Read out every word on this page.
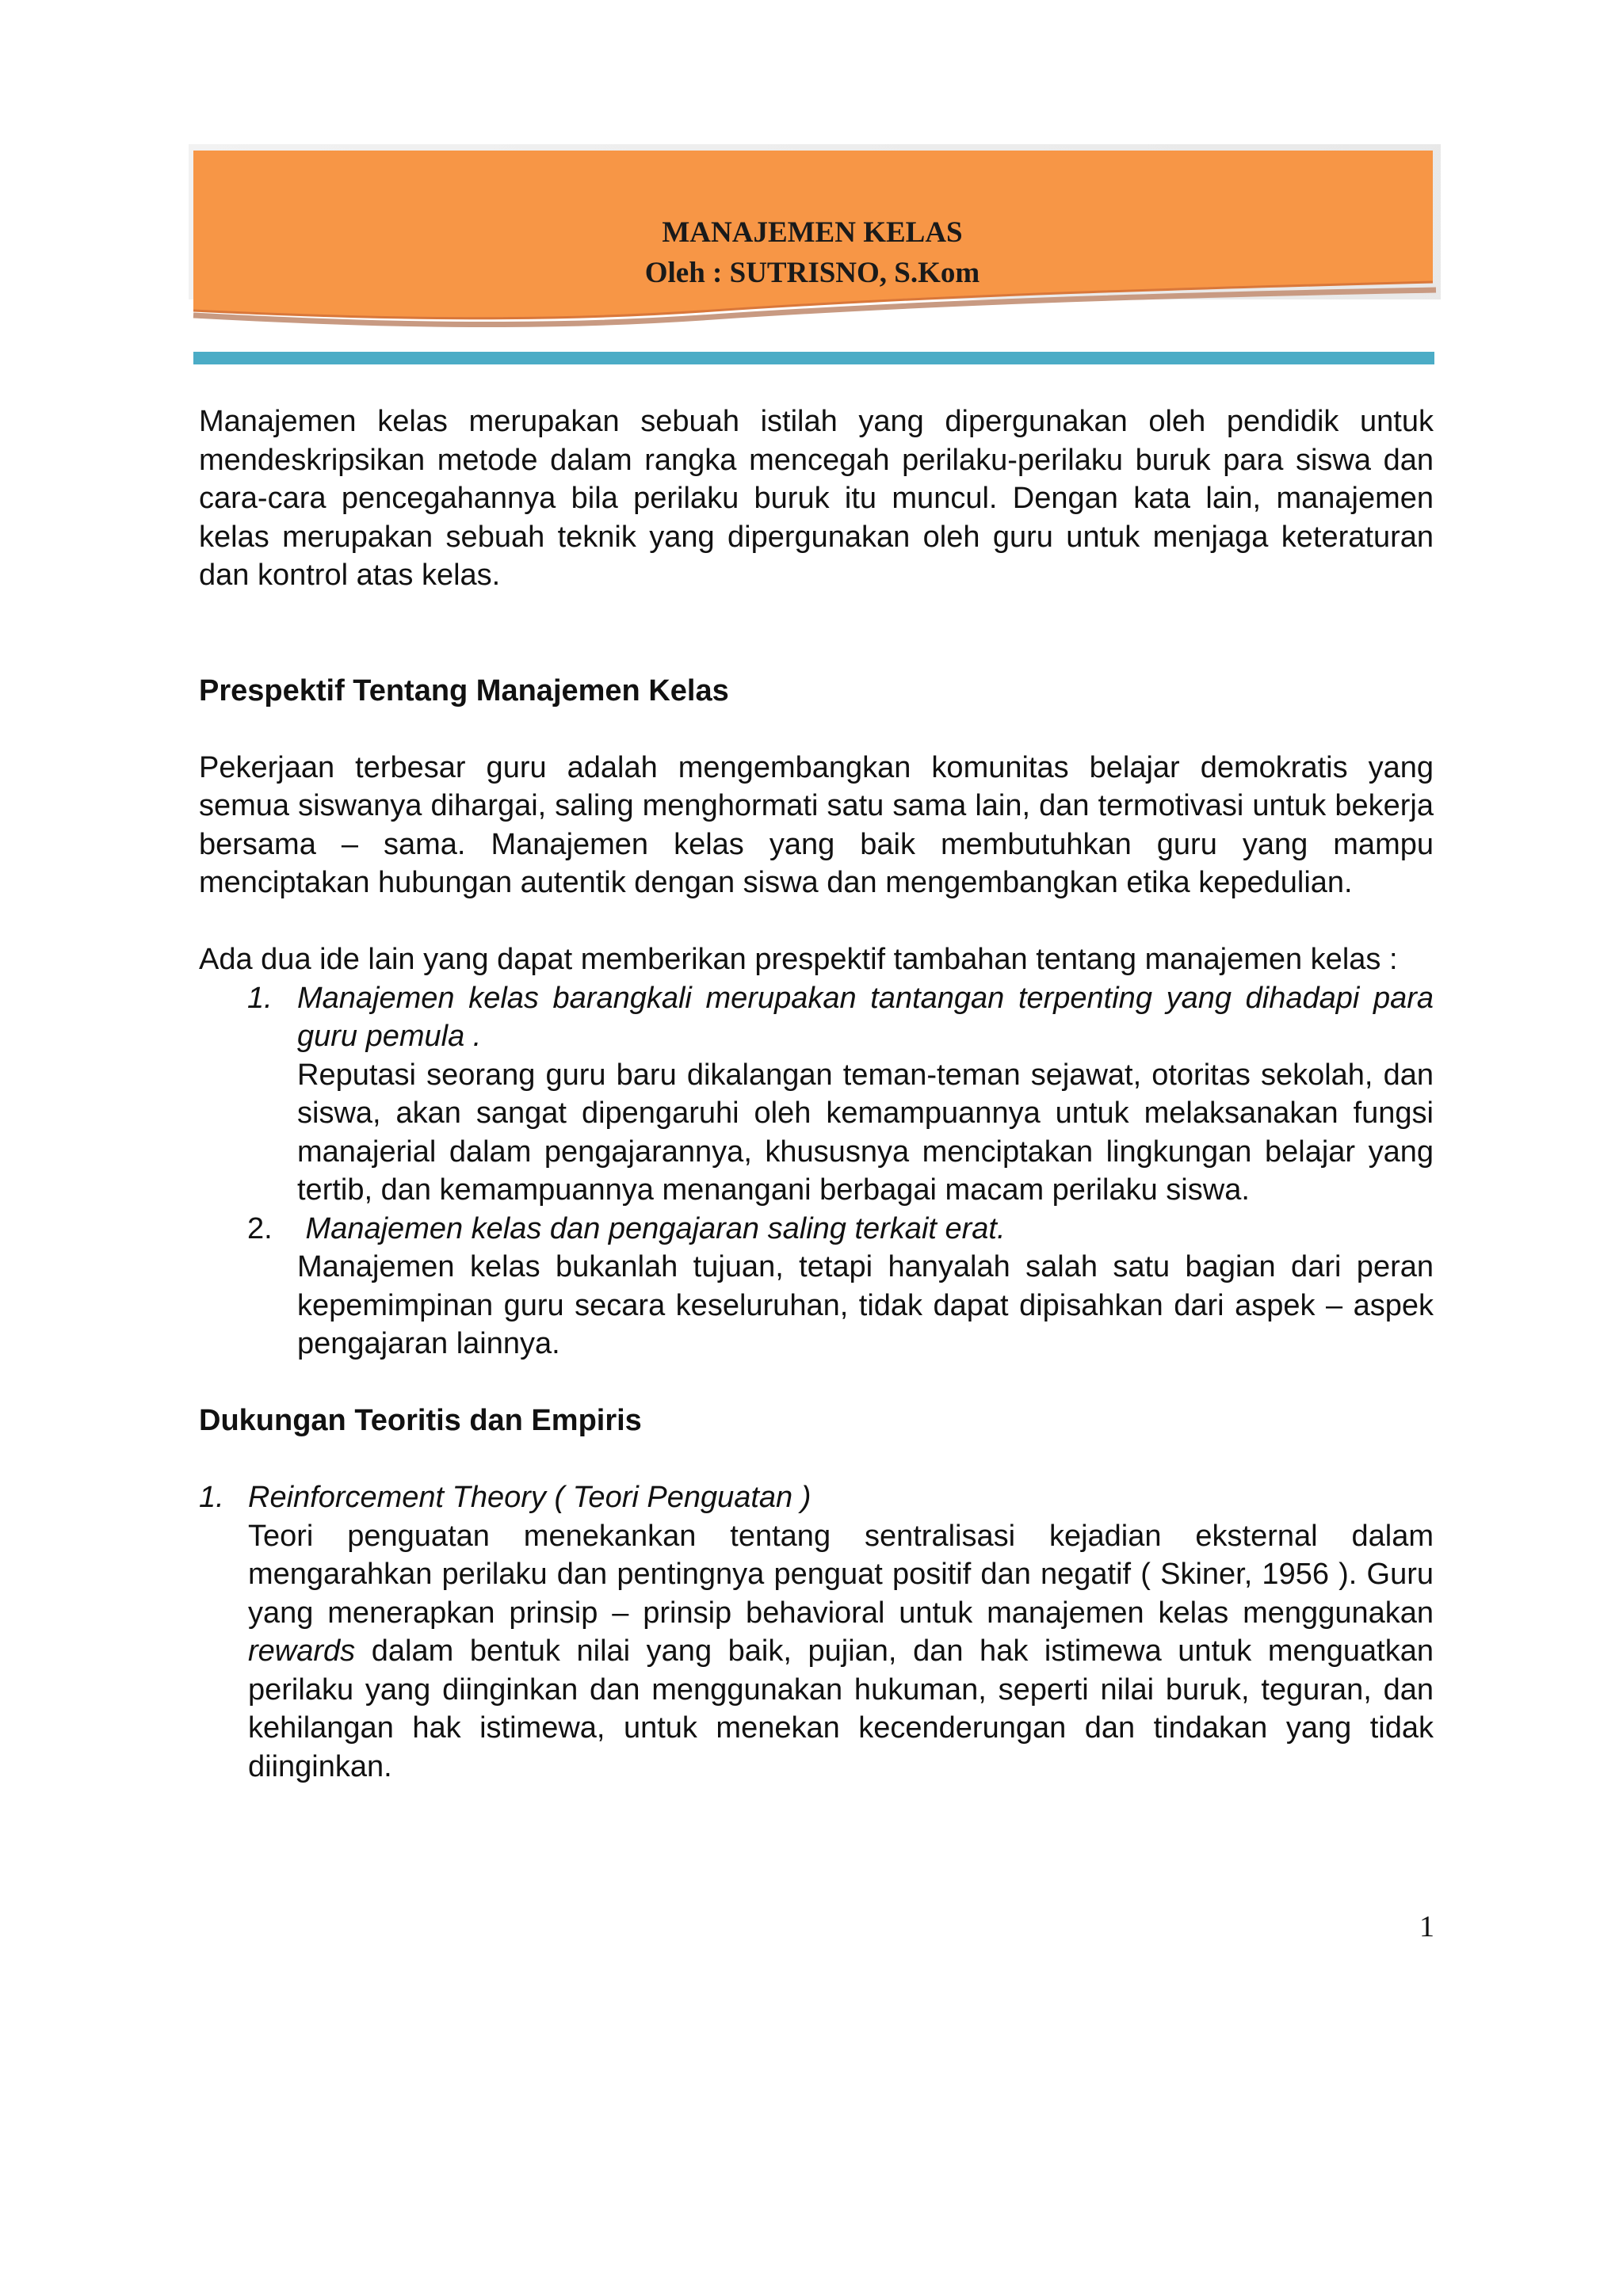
MANAJEMEN KELAS
Oleh : SUTRISNO, S.Kom

Manajemen kelas merupakan sebuah istilah yang dipergunakan oleh pendidik untuk mendeskripsikan metode dalam rangka mencegah perilaku-perilaku buruk para siswa dan cara-cara pencegahannya bila perilaku buruk itu muncul. Dengan kata lain, manajemen kelas merupakan sebuah teknik yang dipergunakan oleh guru untuk menjaga keteraturan dan kontrol atas kelas.

Prespektif Tentang Manajemen Kelas

Pekerjaan terbesar guru adalah mengembangkan komunitas belajar demokratis yang semua siswanya dihargai, saling menghormati satu sama lain, dan termotivasi untuk bekerja bersama – sama. Manajemen kelas yang baik membutuhkan guru yang mampu menciptakan hubungan autentik dengan siswa dan mengembangkan etika kepedulian.

Ada dua ide lain yang dapat memberikan prespektif tambahan tentang manajemen kelas :

1. Manajemen kelas barangkali merupakan tantangan terpenting yang dihadapi para guru pemula .
Reputasi seorang guru baru dikalangan teman-teman sejawat, otoritas sekolah, dan siswa, akan sangat dipengaruhi oleh kemampuannya untuk melaksanakan fungsi manajerial dalam pengajarannya, khususnya menciptakan lingkungan belajar yang tertib, dan kemampuannya menangani berbagai macam perilaku siswa.
2. Manajemen kelas dan pengajaran saling terkait erat.
Manajemen kelas bukanlah tujuan, tetapi hanyalah salah satu bagian dari peran kepemimpinan guru secara keseluruhan, tidak dapat dipisahkan dari aspek – aspek pengajaran lainnya.

Dukungan Teoritis dan Empiris

1. Reinforcement Theory ( Teori Penguatan )
Teori penguatan menekankan tentang sentralisasi kejadian eksternal dalam mengarahkan perilaku dan pentingnya penguat positif dan negatif ( Skiner, 1956 ). Guru yang menerapkan prinsip – prinsip behavioral untuk manajemen kelas menggunakan rewards dalam bentuk nilai yang baik, pujian, dan hak istimewa untuk menguatkan perilaku yang diinginkan dan menggunakan hukuman, seperti nilai buruk, teguran, dan kehilangan hak istimewa, untuk menekan kecenderungan dan tindakan yang tidak diinginkan.
1
